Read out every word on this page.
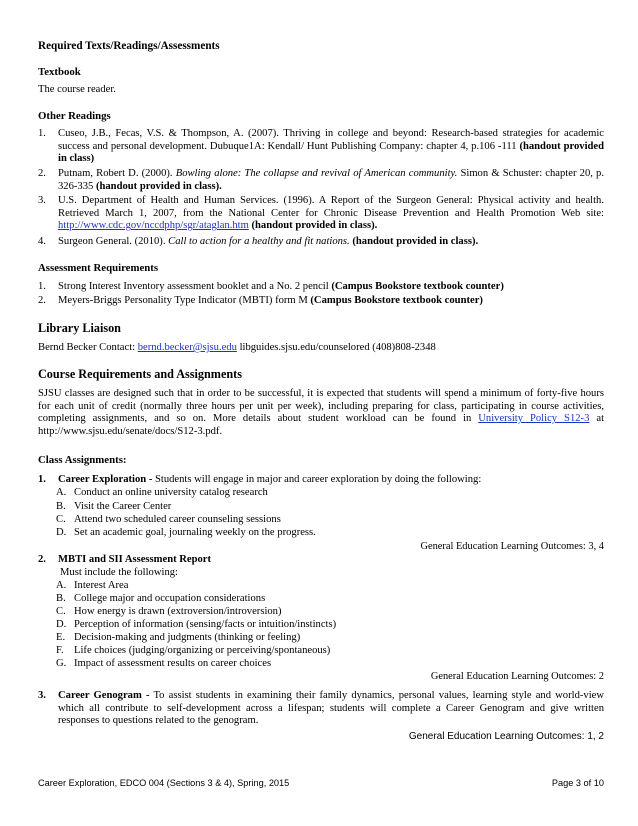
Required Texts/Readings/Assessments
Textbook
The course reader.
Other Readings
1. Cuseo, J.B., Fecas, V.S. & Thompson, A. (2007). Thriving in college and beyond: Research-based strategies for academic success and personal development. Dubuque1A: Kendall/ Hunt Publishing Company: chapter 4, p.106 -111 (handout provided in class)
2. Putnam, Robert D. (2000). Bowling alone: The collapse and revival of American community. Simon & Schuster: chapter 20, p. 326-335 (handout provided in class).
3. U.S. Department of Health and Human Services. (1996). A Report of the Surgeon General: Physical activity and health. Retrieved March 1, 2007, from the National Center for Chronic Disease Prevention and Health Promotion Web site: http://www.cdc.gov/nccdphp/sgr/ataglan.htm (handout provided in class).
4. Surgeon General. (2010). Call to action for a healthy and fit nations. (handout provided in class).
Assessment Requirements
1. Strong Interest Inventory assessment booklet and a No. 2 pencil (Campus Bookstore textbook counter)
2. Meyers-Briggs Personality Type Indicator (MBTI) form M (Campus Bookstore textbook counter)
Library Liaison
Bernd Becker Contact: bernd.becker@sjsu.edu libguides.sjsu.edu/counselored (408)808-2348
Course Requirements and Assignments
SJSU classes are designed such that in order to be successful, it is expected that students will spend a minimum of forty-five hours for each unit of credit (normally three hours per unit per week), including preparing for class, participating in course activities, completing assignments, and so on. More details about student workload can be found in University Policy S12-3 at http://www.sjsu.edu/senate/docs/S12-3.pdf.
Class Assignments:
1. Career Exploration - Students will engage in major and career exploration by doing the following:
A. Conduct an online university catalog research
B. Visit the Career Center
C. Attend two scheduled career counseling sessions
D. Set an academic goal, journaling weekly on the progress.
General Education Learning Outcomes: 3, 4
2. MBTI and SII Assessment Report
Must include the following:
A. Interest Area
B. College major and occupation considerations
C. How energy is drawn (extroversion/introversion)
D. Perception of information (sensing/facts or intuition/instincts)
E. Decision-making and judgments (thinking or feeling)
F. Life choices (judging/organizing or perceiving/spontaneous)
G. Impact of assessment results on career choices
General Education Learning Outcomes: 2
3. Career Genogram - To assist students in examining their family dynamics, personal values, learning style and world-view which all contribute to self-development across a lifespan; students will complete a Career Genogram and give written responses to questions related to the genogram.
General Education Learning Outcomes: 1, 2
Career Exploration, EDCO 004 (Sections 3 & 4), Spring, 2015	Page 3 of 10
